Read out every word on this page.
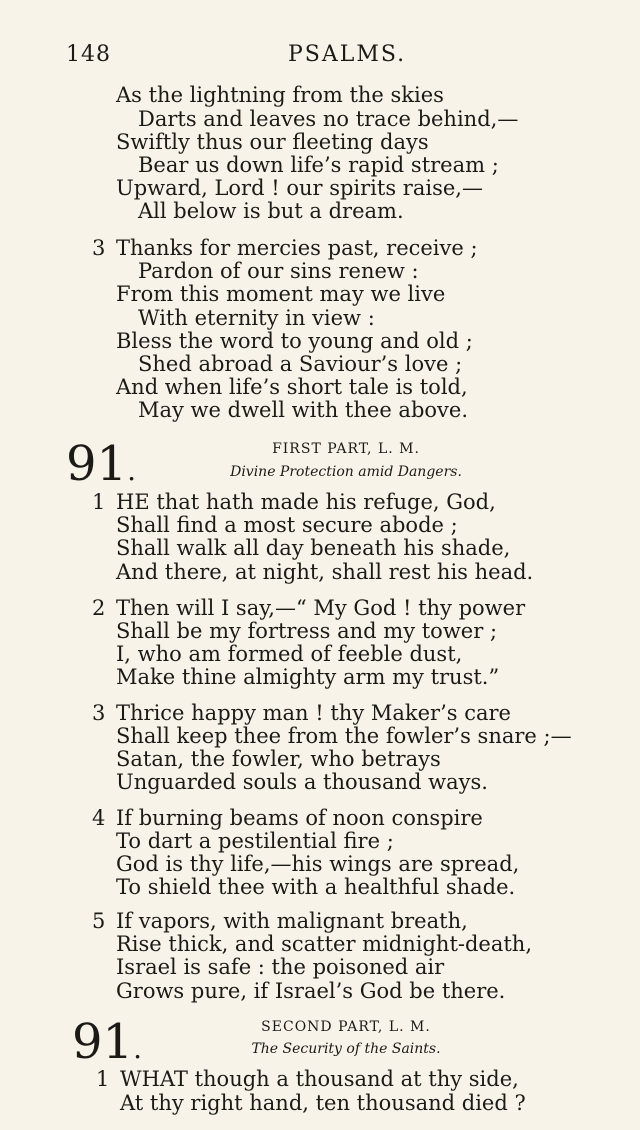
148	PSALMS.
As the lightning from the skies
Darts and leaves no trace behind,—
Swiftly thus our fleeting days
Bear us down life’s rapid stream ;
Upward, Lord ! our spirits raise,—
All below is but a dream.
3 Thanks for mercies past, receive ;
Pardon of our sins renew :
From this moment may we live
With eternity in view :
Bless the word to young and old ;
Shed abroad a Saviour’s love ;
And when life’s short tale is told,
May we dwell with thee above.
91.
FIRST PART, L. M.
Divine Protection amid Dangers.
1 HE that hath made his refuge, God,
Shall find a most secure abode ;
Shall walk all day beneath his shade,
And there, at night, shall rest his head.
2 Then will I say,—“ My God ! thy power
Shall be my fortress and my tower ;
I, who am formed of feeble dust,
Make thine almighty arm my trust.”
3 Thrice happy man ! thy Maker’s care
Shall keep thee from the fowler’s snare ;—
Satan, the fowler, who betrays
Unguarded souls a thousand ways.
4 If burning beams of noon conspire
To dart a pestilential fire ;
God is thy life,—his wings are spread,
To shield thee with a healthful shade.
5 If vapors, with malignant breath,
Rise thick, and scatter midnight-death,
Israel is safe : the poisoned air
Grows pure, if Israel’s God be there.
91.
SECOND PART, L. M.
The Security of the Saints.
1 WHAT though a thousand at thy side,
At thy right hand, ten thousand died ?
